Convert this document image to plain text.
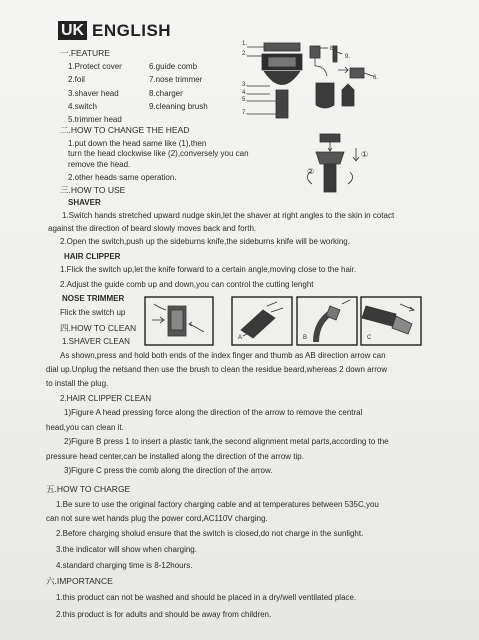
UK ENGLISH
一.FEATURE
1.Protect cover
2.foil
3.shaver head
4.switch
5.trimmer head
6.guide comb
7.nose trimmer
8.charger
9.cleaning brush
1.
2.
3.
4.
5.
7.
8.
9.
6.
二.HOW TO CHANGE THE HEAD
1.put down the head same like (1),then
turn the head clockwise like (2),conversely you can
remove the head.
2.other heads same operation.
①
②
三.HOW TO USE
SHAVER
1.Switch hands stretched upward nudge skin,let the shaver at right angles to the skin in cotact
against the direction of beard slowly moves back and forth.
2.Open the switch,push up the sideburns knife,the sideburns knife will be working.
HAIR CLIPPER
1.Flick the switch up,let the knife forward to a certain angle,moving close to the hair.
2.Adjust the guide comb up and down,you can control the cutting lenght
NOSE TRIMMER
Flick the switch up
A	B	C
四.HOW TO CLEAN
1.SHAVER CLEAN
As shown,press and hold both ends of the index finger and thumb as AB direction arrow can
dial up.Unplug the netsand then use the brush to clean the residue beard,whereas 2 down arrow
to install the plug.
2.HAIR CLIPPER CLEAN
1)Figure A head pressing force along the direction of the arrow to remove the central
head,you can clean it.
2)Figure B press 1 to insert a plastic tank,the second alignment metal parts,according to the
pressure head center,can be installed along the direction of the arrow tip.
3)Figure C press the comb along the direction of the arrow.
五.HOW TO CHARGE
1.Be sure to use the original factory charging cable and at temperatures between 535C,you
can not sure wet hands plug the power cord,AC110V charging.
2.Before charging sholud ensure that the switch is closed,do not charge in the sunlight.
3.the indicator will show when charging.
4.standard charging time is 8-12hours.
六.IMPORTANCE
1.this product can not be washed and should be placed in a dry/well ventilated place.
2.this product is for adults and should be away from children.
